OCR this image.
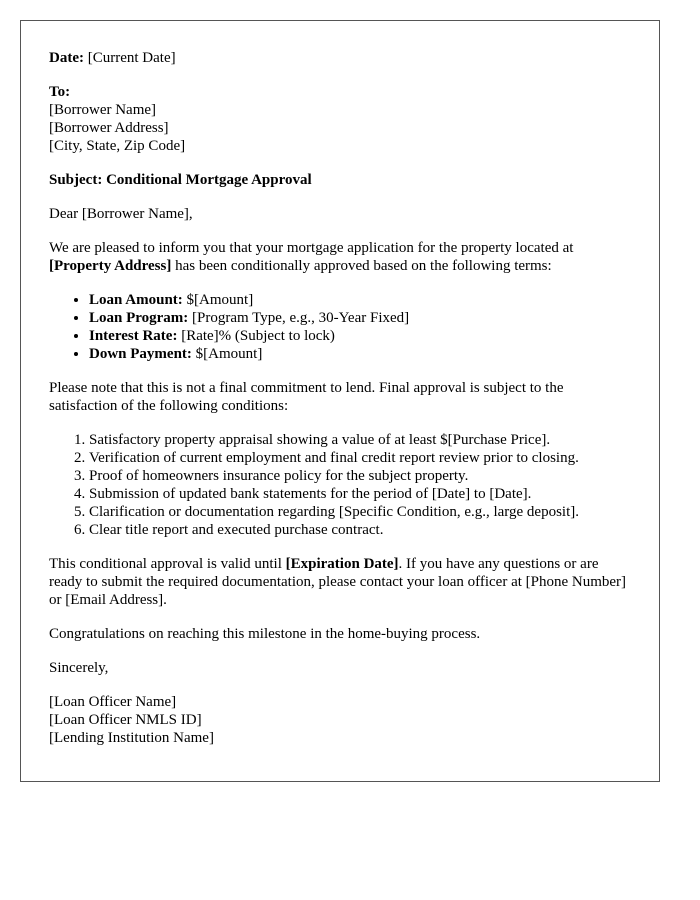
Date: [Current Date]

To:
[Borrower Name]
[Borrower Address]
[City, State, Zip Code]

Subject: Conditional Mortgage Approval

Dear [Borrower Name],

We are pleased to inform you that your mortgage application for the property located at
[Property Address] has been conditionally approved based on the following terms:

• Loan Amount: $[Amount]
• Loan Program: [Program Type, e.g., 30-Year Fixed]
• Interest Rate: [Rate]% (Subject to lock)
• Down Payment: $[Amount]

Please note that this is not a final commitment to lend. Final approval is subject to the satisfaction of the following conditions:

1. Satisfactory property appraisal showing a value of at least $[Purchase Price].
2. Verification of current employment and final credit report review prior to closing.
3. Proof of homeowners insurance policy for the subject property.
4. Submission of updated bank statements for the period of [Date] to [Date].
5. Clarification or documentation regarding [Specific Condition, e.g., large deposit].
6. Clear title report and executed purchase contract.

This conditional approval is valid until [Expiration Date]. If you have any questions or are ready to submit the required documentation, please contact your loan officer at [Phone Number] or [Email Address].

Congratulations on reaching this milestone in the home-buying process.

Sincerely,

[Loan Officer Name]
[Loan Officer NMLS ID]
[Lending Institution Name]
